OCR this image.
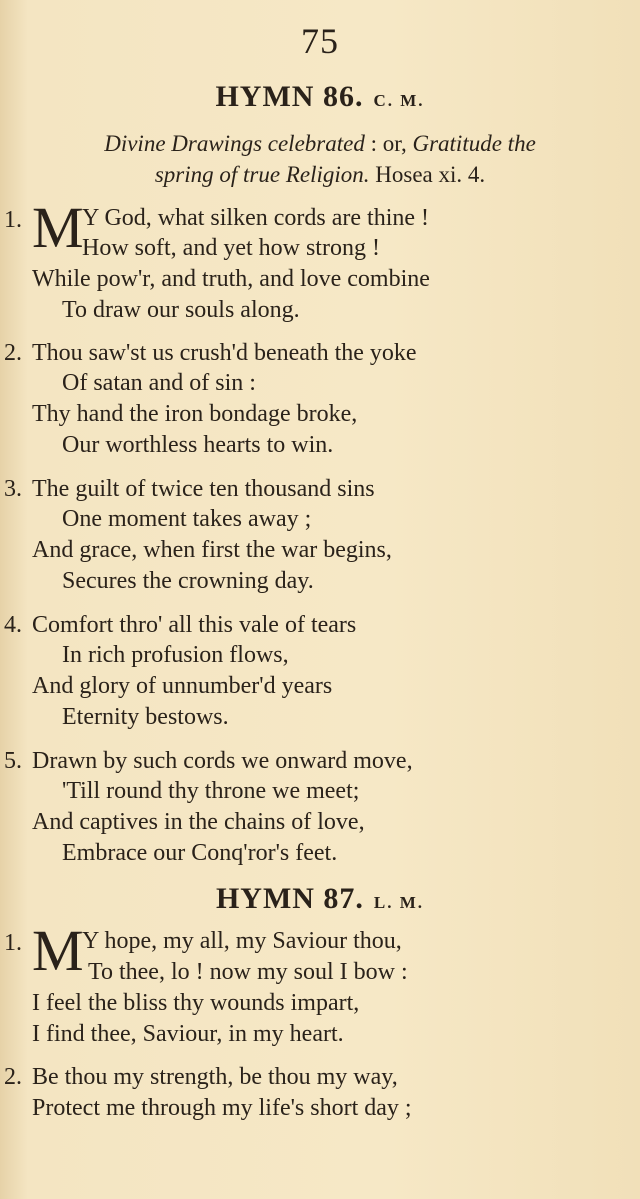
75
HYMN 86. C. M.
Divine Drawings celebrated : or, Gratitude the
spring of true Religion. Hosea xi. 4.
1. M
Y God, what silken cords are thine !
How soft, and yet how strong !
While pow'r, and truth, and love combine
To draw our souls along.
2. Thou saw'st us crush'd beneath the yoke
Of satan and of sin :
Thy hand the iron bondage broke,
Our worthless hearts to win.
3. The guilt of twice ten thousand sins
One moment takes away ;
And grace, when first the war begins,
Secures the crowning day.
4. Comfort thro' all this vale of tears
In rich profusion flows,
And glory of unnumber'd years
Eternity bestows.
5. Drawn by such cords we onward move,
'Till round thy throne we meet;
And captives in the chains of love,
Embrace our Conq'ror's feet.
HYMN 87. L. M.
1. M
Y hope, my all, my Saviour thou,
To thee, lo ! now my soul I bow :
I feel the bliss thy wounds impart,
I find thee, Saviour, in my heart.
2. Be thou my strength, be thou my way,
Protect me through my life's short day ;
